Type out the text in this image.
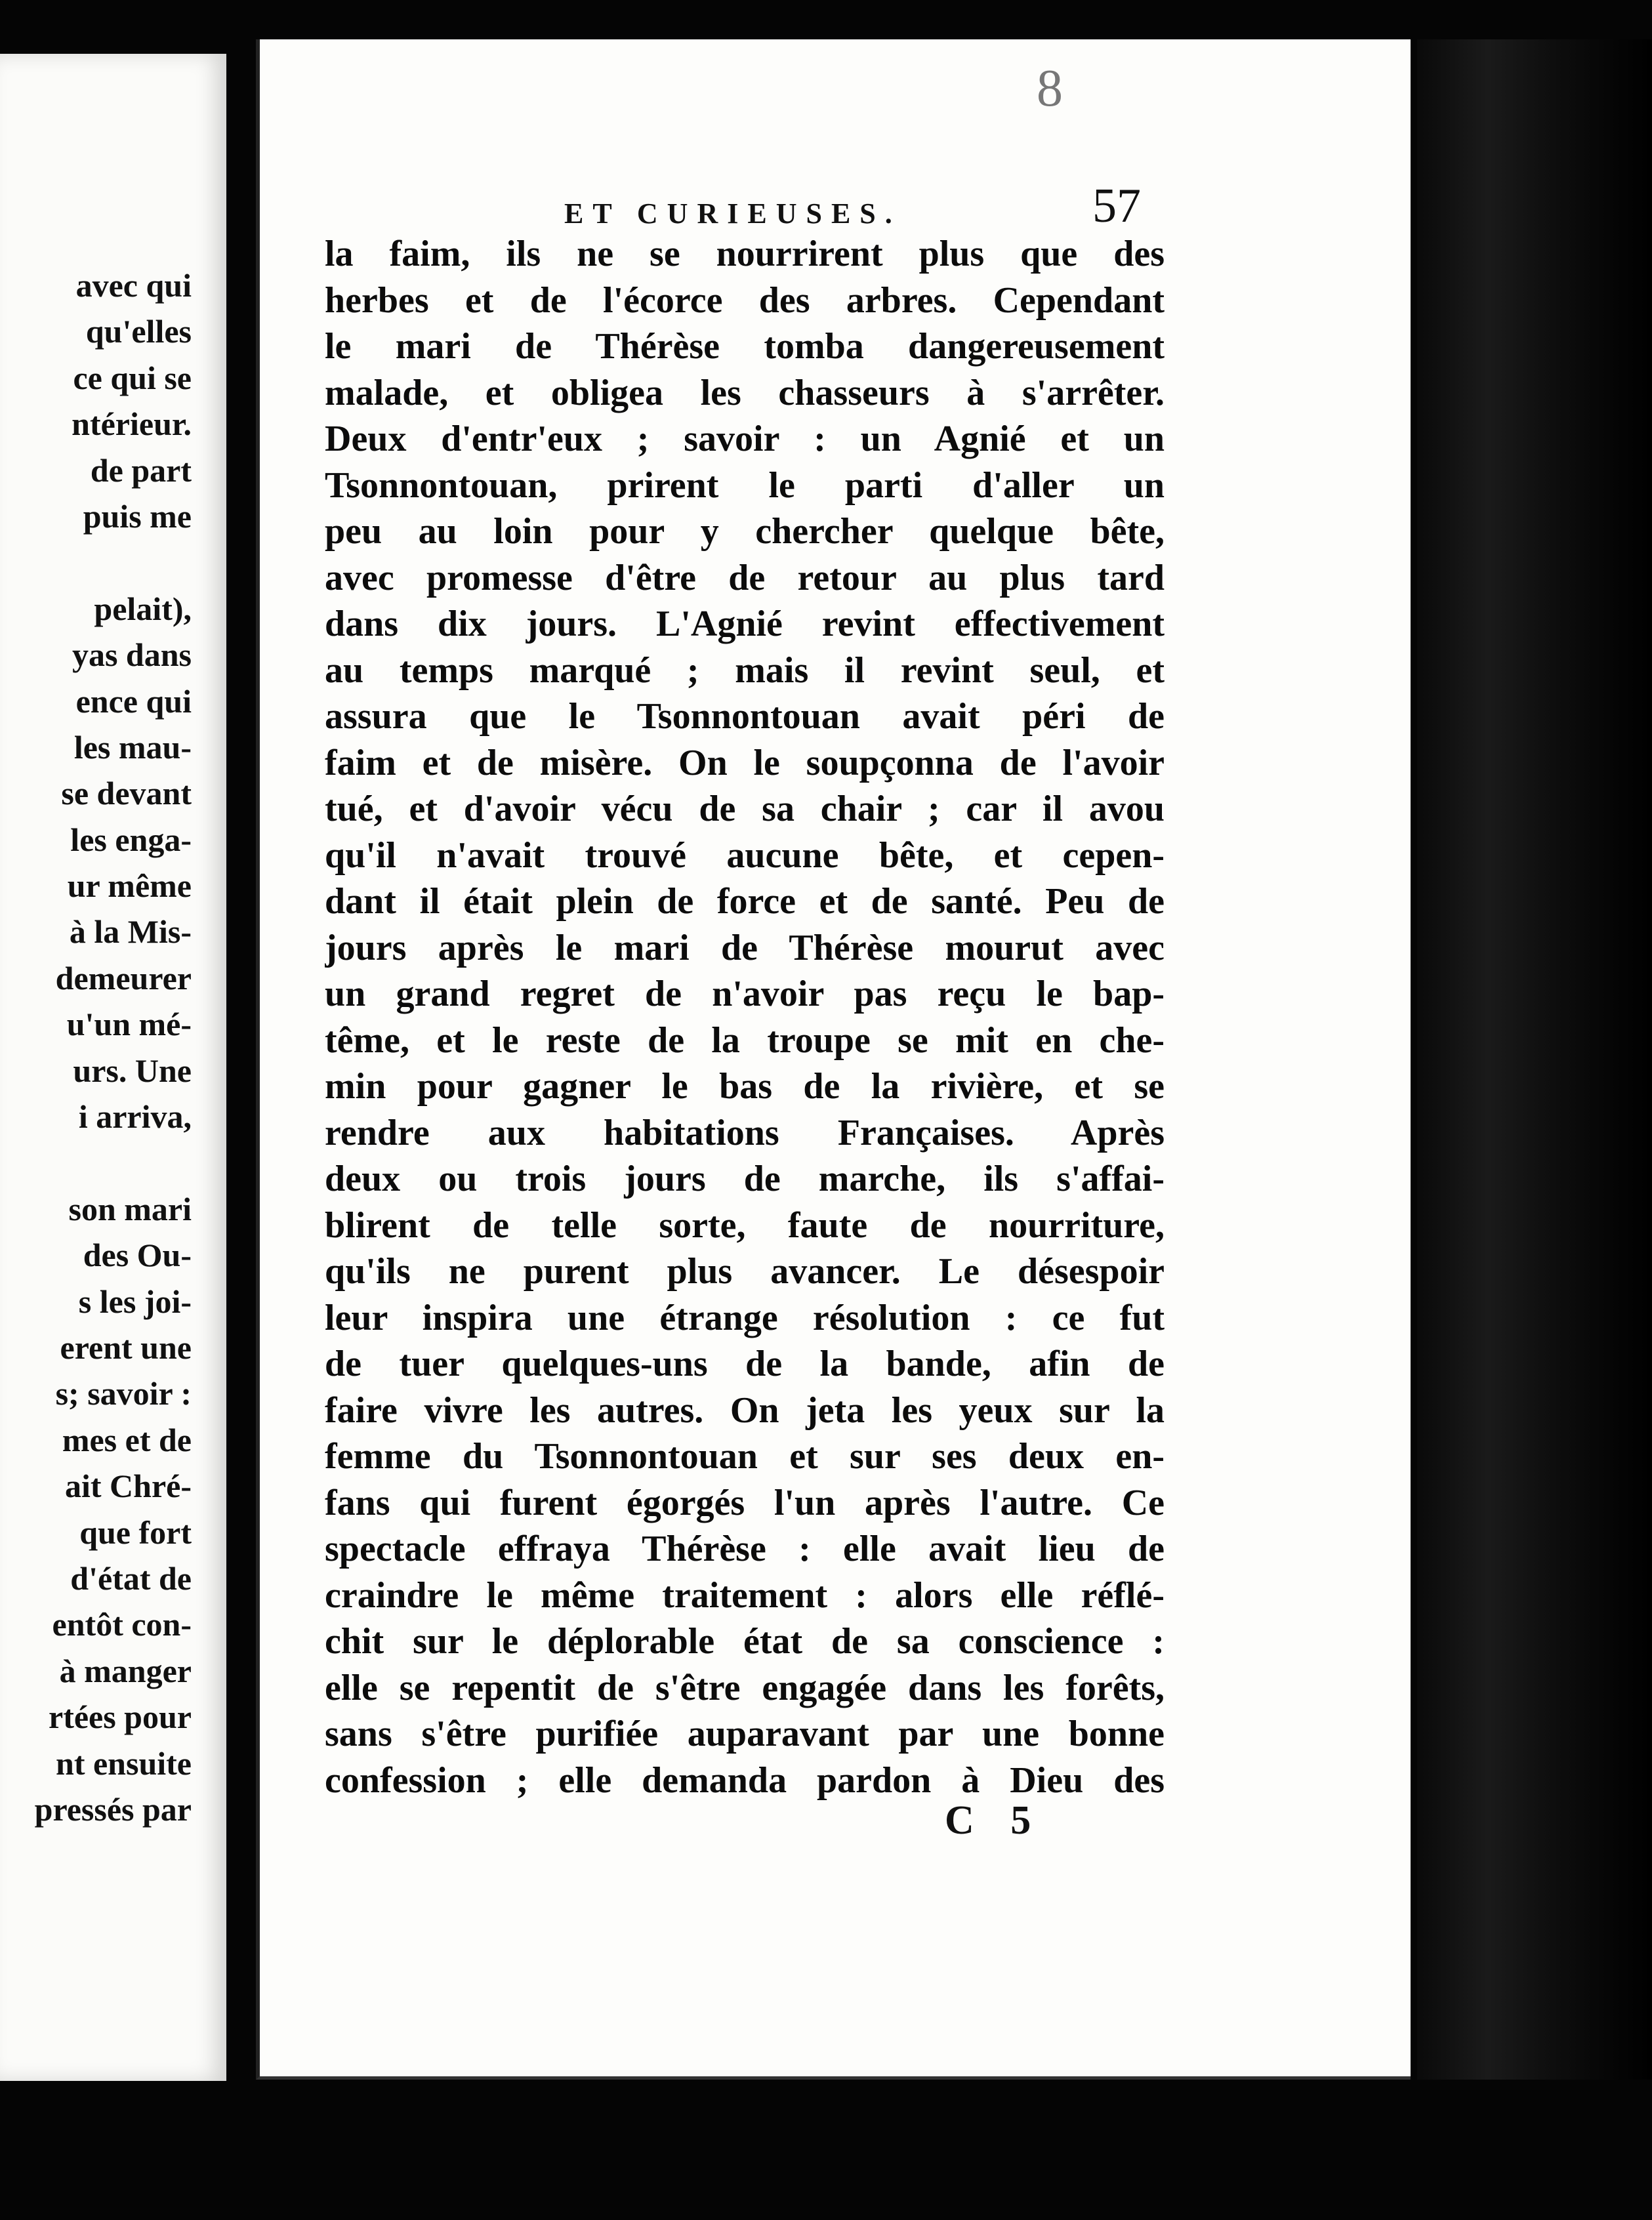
avec qui
qu'elles
ce qui se
ntérieur.
de part
puis me
pelait),
yas dans
ence qui
les mau-
se devant
les enga-
ur même
à la Mis-
demeurer
u'un mé-
urs. Une
i arriva,
son mari
des Ou-
s les joi-
erent une
s; savoir :
mes et de
ait Chré-
que fort
d'état de
entôt con-
à manger
rtées pour
nt ensuite
pressés par
8
ET CURIEUSES.	57
la faim, ils ne se nourrirent plus que des
herbes et de l'écorce des arbres. Cependant
le mari de Thérèse tomba dangereusement
malade, et obligea les chasseurs à s'arrêter.
Deux d'entr'eux ; savoir : un Agnié et un
Tsonnontouan, prirent le parti d'aller un
peu au loin pour y chercher quelque bête,
avec promesse d'être de retour au plus tard
dans dix jours. L'Agnié revint effectivement
au temps marqué ; mais il revint seul, et
assura que le Tsonnontouan avait péri de
faim et de misère. On le soupçonna de l'avoir
tué, et d'avoir vécu de sa chair ; car il avou
qu'il n'avait trouvé aucune bête, et cepen-
dant il était plein de force et de santé. Peu de
jours après le mari de Thérèse mourut avec
un grand regret de n'avoir pas reçu le bap-
tême, et le reste de la troupe se mit en che-
min pour gagner le bas de la rivière, et se
rendre aux habitations Françaises. Après
deux ou trois jours de marche, ils s'affai-
blirent de telle sorte, faute de nourriture,
qu'ils ne purent plus avancer. Le désespoir
leur inspira une étrange résolution : ce fut
de tuer quelques-uns de la bande, afin de
faire vivre les autres. On jeta les yeux sur la
femme du Tsonnontouan et sur ses deux en-
fans qui furent égorgés l'un après l'autre. Ce
spectacle effraya Thérèse : elle avait lieu de
craindre le même traitement : alors elle réflé-
chit sur le déplorable état de sa conscience :
elle se repentit de s'être engagée dans les forêts,
sans s'être purifiée auparavant par une bonne
confession ; elle demanda pardon à Dieu des
C 5
